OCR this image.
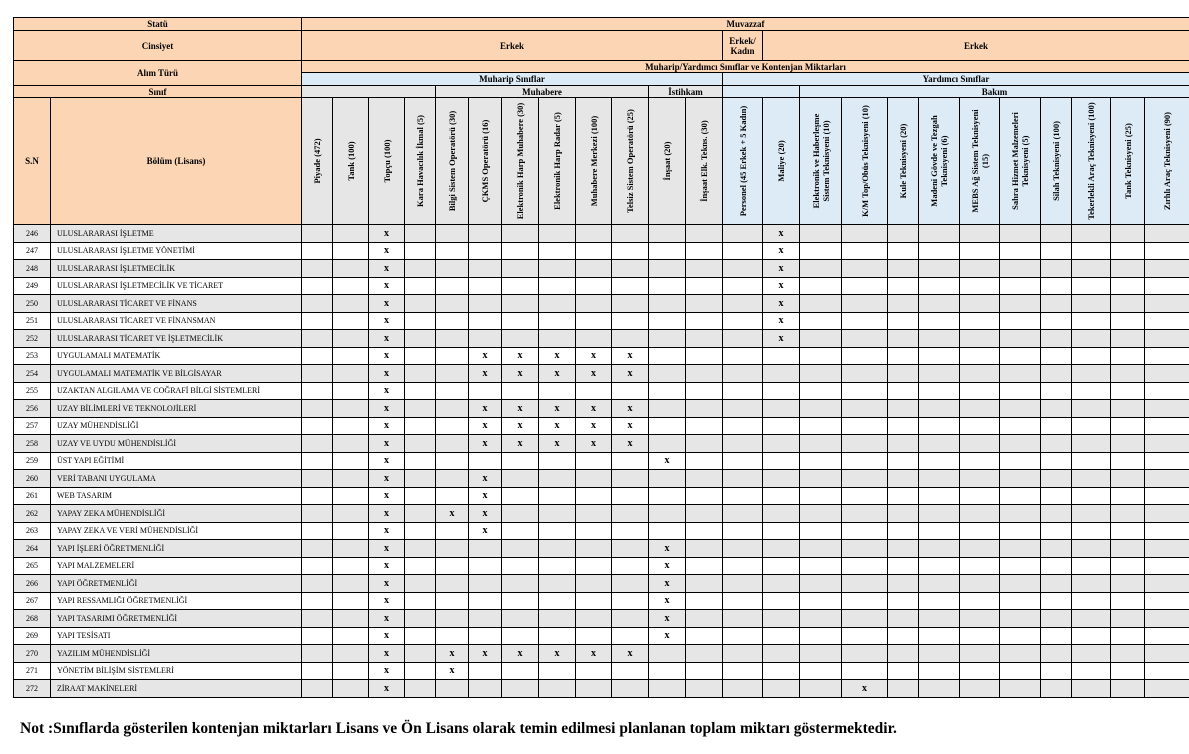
Statü		Muvazzaf																							
Cinsiyet		Erkek												Erkek/ Kadın	Erkek										
Alım Türü		Muharip/Yardımcı Sınıflar ve Kontenjan Miktarları																							
		Muharip Sınıflar												Yardımcı Sınıflar											
Sınıf						Muhabere						İstihkam				Bakım									
S.N	Bölüm (Lisans)	Piyade (472)	Tank (100)	Topçu (100)	Kara Havacılık İkmal (5)	Bilgi Sistem Operatörü (30)	ÇKMS Operatörü (16)	Elektronik Harp Muhabere (30)	Elektronik Harp Radar (5)	Muhabere Merkezi (100)	Telsiz Sistem Operatörü (25)	İnşaat (20)	İnşaat Elk. Tekns. (30)	Personel (45 Erkek + 5 Kadın)	Maliye (20)	Elektronik ve Haberleşme Sistem Teknisyeni (10)	K/M Top/Obüs Teknisyeni (10)	Kule Teknisyeni (20)	Madeni Gövde ve Tezgah Teknisyeni (6)	MEBS Ağ Sistem Teknisyeni (15)	Sahra Hizmet Malzemeleri Teknisyeni (5)	Silah Teknisyeni (100)	Tekerlekli Araç Teknisyeni (100)	Tank Teknisyeni (25)	Zırhlı Araç Teknisyeni (90)

246	ULUSLARARASI İŞLETME			x											x										
247	ULUSLARARASI İŞLETME YÖNETİMİ			x											x										
248	ULUSLARARASI İŞLETMECİLİK			x											x										
249	ULUSLARARASI İŞLETMECİLİK VE TİCARET			x											x										
250	ULUSLARARASI TİCARET VE FİNANS			x											x										
251	ULUSLARARASI TİCARET VE FİNANSMAN			x											x										
252	ULUSLARARASI TİCARET VE İŞLETMECİLİK			x											x										
253	UYGULAMALI MATEMATİK			x			x	x	x	x	x														
254	UYGULAMALI MATEMATİK VE BİLGİSAYAR			x			x	x	x	x	x														
255	UZAKTAN ALGILAMA VE COĞRAFİ BİLGİ SİSTEMLERİ			x																					
256	UZAY BİLİMLERİ VE TEKNOLOJİLERİ			x			x	x	x	x	x														
257	UZAY MÜHENDİSLİĞİ			x			x	x	x	x	x														
258	UZAY VE UYDU MÜHENDİSLİĞİ			x			x	x	x	x	x														
259	ÜST YAPI EĞİTİMİ			x								x													
260	VERİ TABANI UYGULAMA			x			x																		
261	WEB TASARIM			x			x																		
262	YAPAY ZEKA MÜHENDİSLİĞİ			x		x	x																		
263	YAPAY ZEKA VE VERİ MÜHENDİSLİĞİ			x			x																		
264	YAPI İŞLERİ ÖĞRETMENLİĞİ			x								x													
265	YAPI MALZEMELERİ			x								x													
266	YAPI ÖĞRETMENLİĞİ			x								x													
267	YAPI RESSAMLIĞI ÖĞRETMENLİĞİ			x								x													
268	YAPI TASARIMI ÖĞRETMENLİĞİ			x								x													
269	YAPI TESİSATI			x								x													
270	YAZILIM MÜHENDİSLİĞİ			x		x	x	x	x	x	x														
271	YÖNETİM BİLİŞİM SİSTEMLERİ			x		x																			
272	ZİRAAT MAKİNELERİ			x													x								
Not :Sınıflarda gösterilen kontenjan miktarları Lisans ve Ön Lisans olarak temin edilmesi planlanan toplam miktarı göstermektedir.
